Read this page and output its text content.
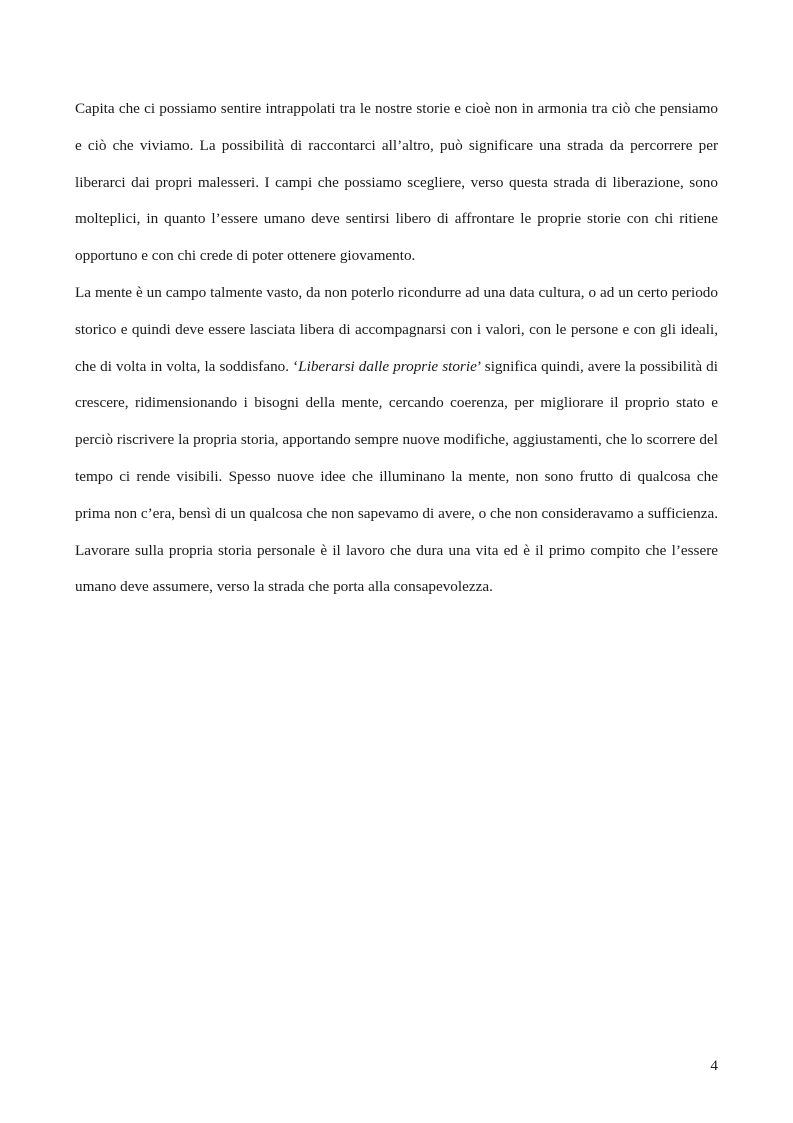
Capita che ci possiamo sentire intrappolati tra le nostre storie e cioè non in armonia tra ciò che pensiamo e ciò che viviamo. La possibilità di raccontarci all’altro, può significare una strada da percorrere per liberarci dai propri malesseri. I campi che possiamo scegliere, verso questa strada di liberazione, sono molteplici, in quanto l’essere umano deve sentirsi libero di affrontare le proprie storie con chi ritiene opportuno e con chi crede di poter ottenere giovamento.

La mente è un campo talmente vasto, da non poterlo ricondurre ad una data cultura, o ad un certo periodo storico e quindi deve essere lasciata libera di accompagnarsi con i valori, con le persone e con gli ideali, che di volta in volta, la soddisfano. ‘Liberarsi dalle proprie storie’ significa quindi, avere la possibilità di crescere, ridimensionando i bisogni della mente, cercando coerenza, per migliorare il proprio stato e perciò riscrivere la propria storia, apportando sempre nuove modifiche, aggiustamenti, che lo scorrere del tempo ci rende visibili. Spesso nuove idee che illuminano la mente, non sono frutto di qualcosa che prima non c’era, bensì di un qualcosa che non sapevamo di avere, o che non consideravamo a sufficienza. Lavorare sulla propria storia personale è il lavoro che dura una vita ed è il primo compito che l’essere umano deve assumere, verso la strada che porta alla consapevolezza.

4
